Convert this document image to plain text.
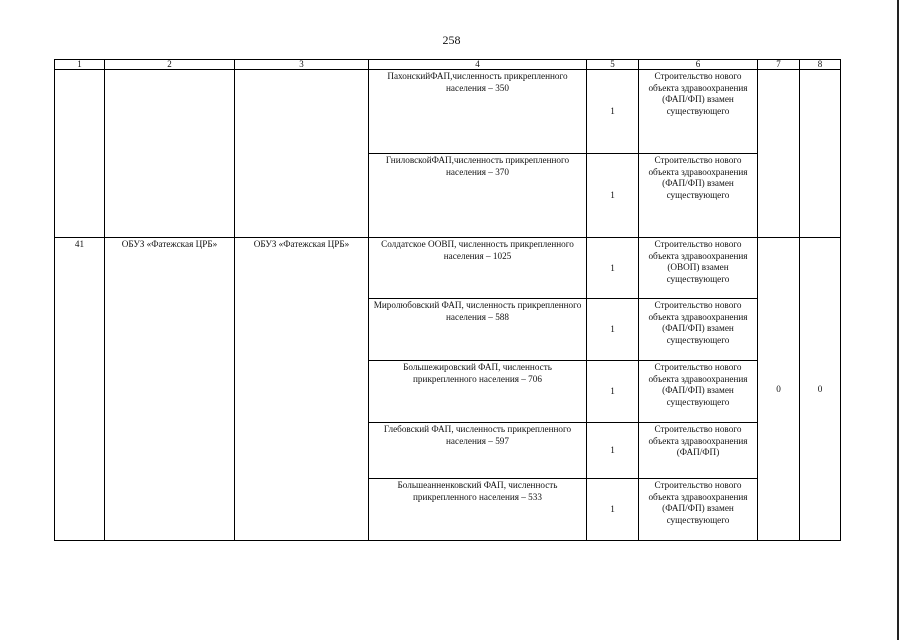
258
1	2	3	4	5	6	7	8
			ПахонскийФАП,численность прикрепленного населения – 350	1	Строительство нового объекта здравоохранения (ФАП/ФП) взамен существующего		
			ГниловскойФАП,численность прикрепленного населения – 370	1	Строительство нового объекта здравоохранения (ФАП/ФП) взамен существующего		
41	ОБУЗ «Фатежская ЦРБ»	ОБУЗ «Фатежская ЦРБ»	Солдатское ООВП, численность прикрепленного населения – 1025	1	Строительство нового объекта здравоохранения (ОВОП) взамен существующего	0	0
			Миролюбовский ФАП, численность прикрепленного населения – 588	1	Строительство нового объекта здравоохранения (ФАП/ФП) взамен существующего		
			Большежировский ФАП, численность прикрепленного населения – 706	1	Строительство нового объекта здравоохранения (ФАП/ФП) взамен существующего		
			Глебовский ФАП, численность прикрепленного населения – 597	1	Строительство нового объекта здравоохранения (ФАП/ФП)		
			Большеанненковский ФАП, численность прикрепленного населения – 533	1	Строительство нового объекта здравоохранения (ФАП/ФП) взамен существующего		
